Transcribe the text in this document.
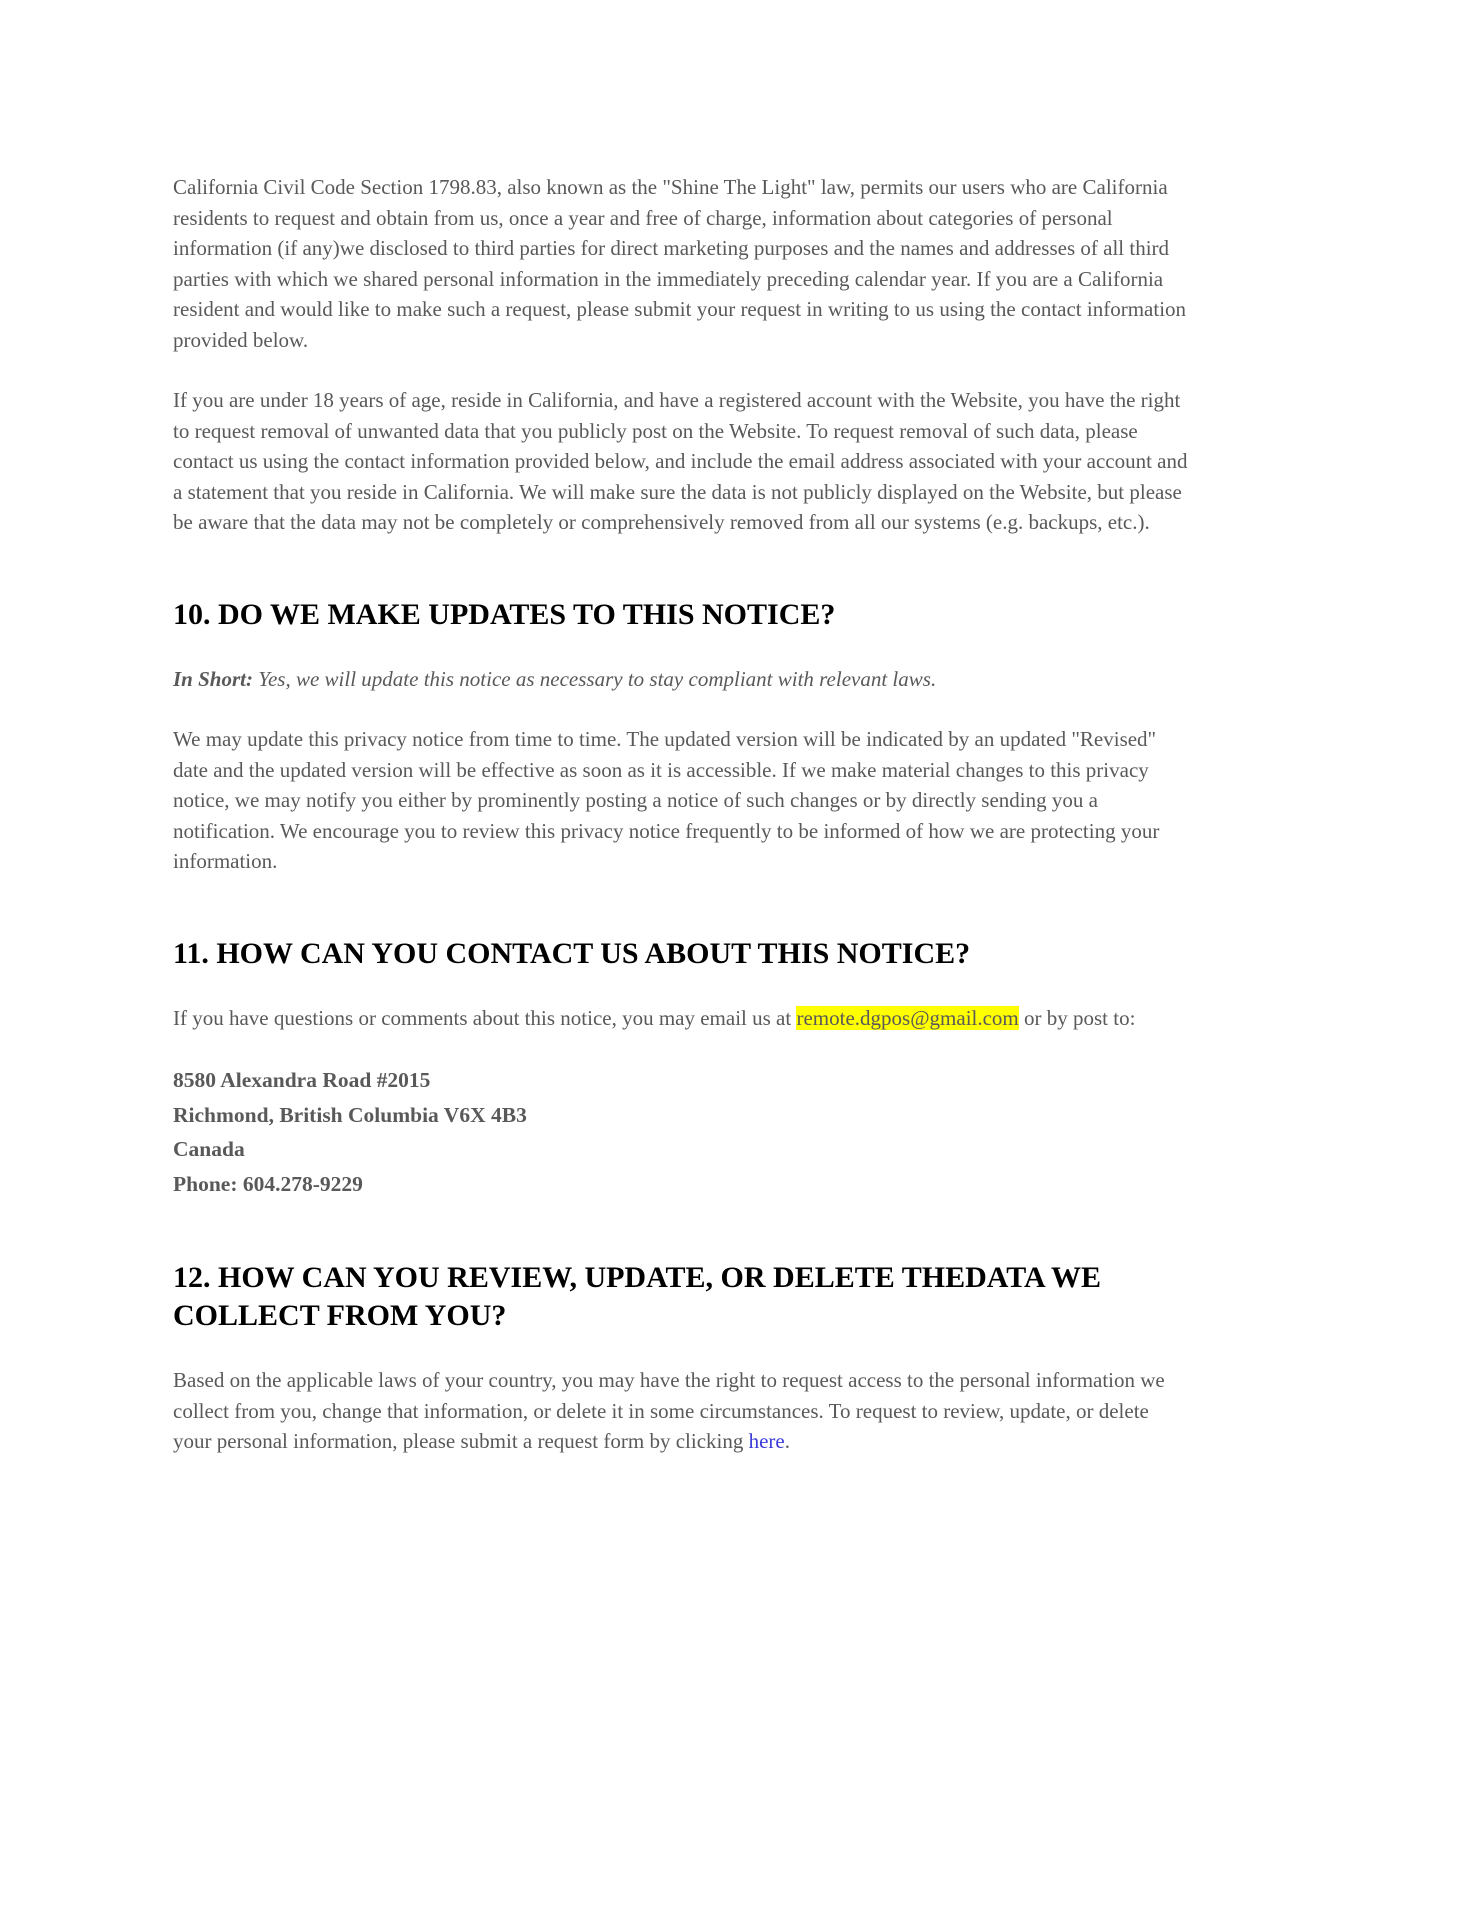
California Civil Code Section 1798.83, also known as the "Shine The Light" law, permits our users who are California residents to request and obtain from us, once a year and free of charge, information about categories of personal information (if any)we disclosed to third parties for direct marketing purposes and the names and addresses of all third parties with which we shared personal information in the immediately preceding calendar year. If you are a California resident and would like to make such a request, please submit your request in writing to us using the contact information provided below.

If you are under 18 years of age, reside in California, and have a registered account with the Website, you have the right to request removal of unwanted data that you publicly post on the Website. To request removal of such data, please contact us using the contact information provided below, and include the email address associated with your account and a statement that you reside in California. We will make sure the data is not publicly displayed on the Website, but please be aware that the data may not be completely or comprehensively removed from all our systems (e.g. backups, etc.).

10. DO WE MAKE UPDATES TO THIS NOTICE?

In Short: Yes, we will update this notice as necessary to stay compliant with relevant laws.

We may update this privacy notice from time to time. The updated version will be indicated by an updated "Revised" date and the updated version will be effective as soon as it is accessible. If we make material changes to this privacy notice, we may notify you either by prominently posting a notice of such changes or by directly sending you a notification. We encourage you to review this privacy notice frequently to be informed of how we are protecting your information.

11. HOW CAN YOU CONTACT US ABOUT THIS NOTICE?

If you have questions or comments about this notice, you may email us at remote.dgpos@gmail.com or by post to:

8580 Alexandra Road #2015
Richmond, British Columbia V6X 4B3
Canada
Phone: 604.278-9229

12. HOW CAN YOU REVIEW, UPDATE, OR DELETE THEDATA WE COLLECT FROM YOU?

Based on the applicable laws of your country, you may have the right to request access to the personal information we collect from you, change that information, or delete it in some circumstances. To request to review, update, or delete your personal information, please submit a request form by clicking here.
